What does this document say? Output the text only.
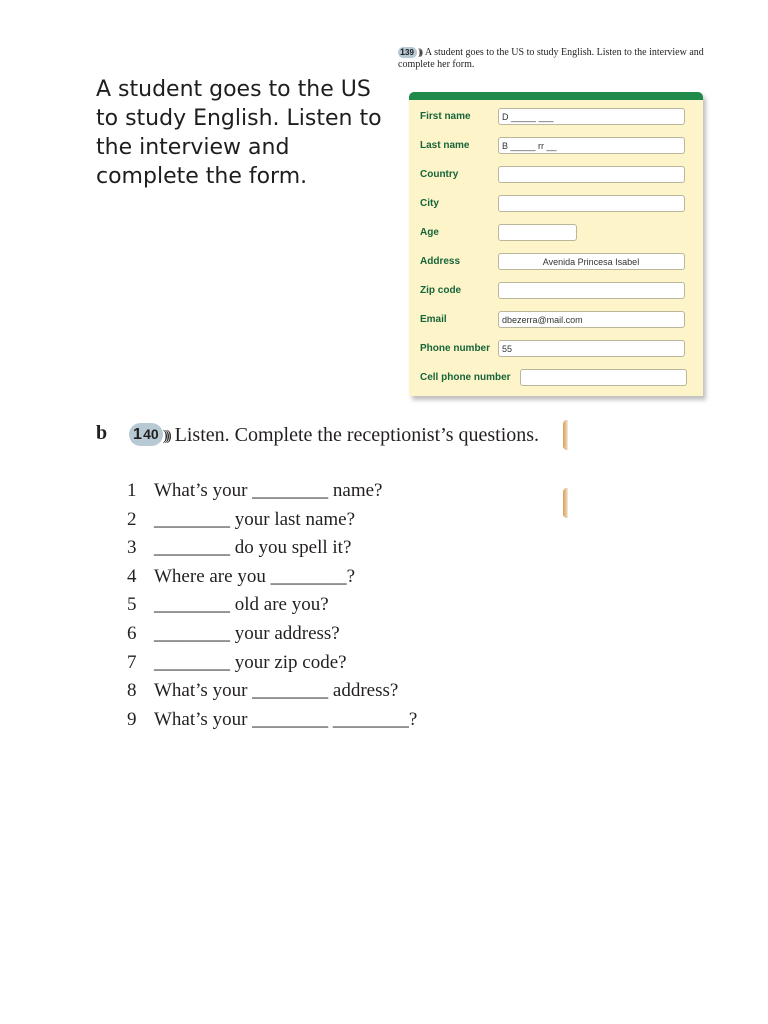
A student goes to the US to study English. Listen to the interview and complete the form.
139 ))) A student goes to the US to study English. Listen to the interview and complete her form.
First name	D _____ ___
Last name	B _____ rr __
Country
City
Age
Address	Avenida Princesa Isabel
Zip code
Email	dbezerra@mail.com
Phone number	55
Cell phone number
b 1 40 ))) Listen. Complete the receptionist’s questions.
1 What’s your ________ name?
2 ________ your last name?
3 ________ do you spell it?
4 Where are you ________?
5 ________ old are you?
6 ________ your address?
7 ________ your zip code?
8 What’s your ________ address?
9 What’s your ________ ________?
